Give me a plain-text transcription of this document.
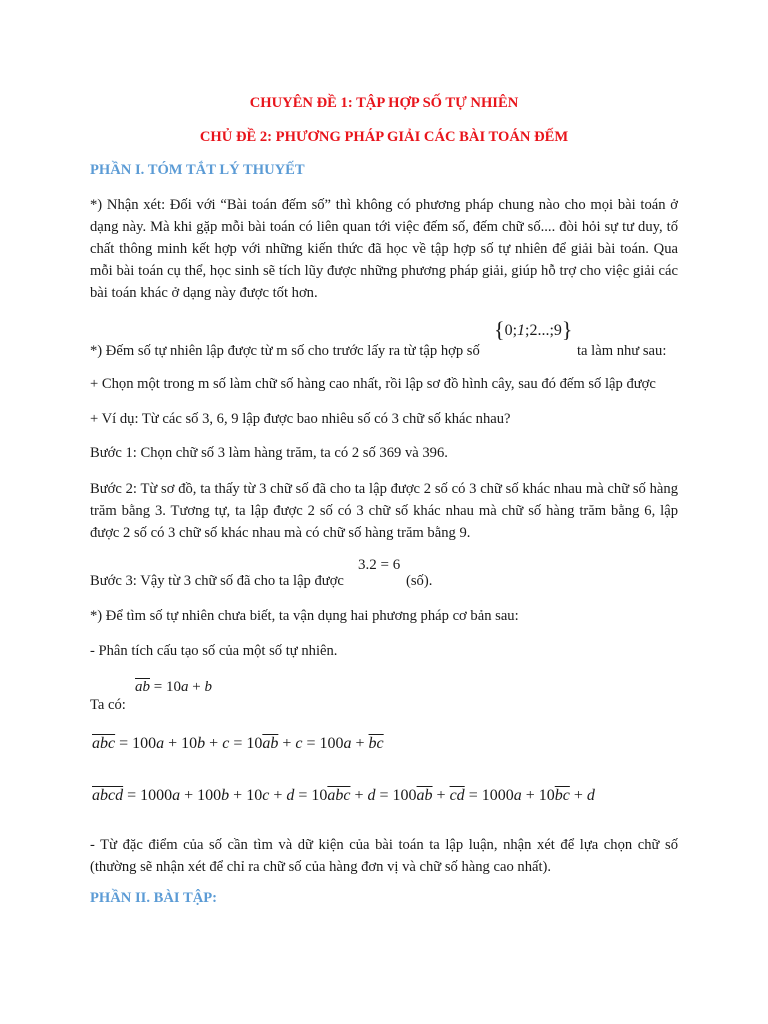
CHUYÊN ĐỀ 1: TẬP HỢP SỐ TỰ NHIÊN
CHỦ ĐỀ 2: PHƯƠNG PHÁP GIẢI CÁC BÀI TOÁN ĐẾM
PHẦN I. TÓM TẮT LÝ THUYẾT
*) Nhận xét: Đối với “Bài toán đếm số” thì không có phương pháp chung nào cho mọi bài toán ở dạng này. Mà khi gặp mỗi bài toán có liên quan tới việc đếm số, đếm chữ số.... đòi hỏi sự tư duy, tố chất thông minh kết hợp với những kiến thức đã học về tập hợp số tự nhiên để giải bài toán. Qua mỗi bài toán cụ thể, học sinh sẽ tích lũy được những phương pháp giải, giúp hỗ trợ cho việc giải các bài toán khác ở dạng này được tốt hơn.
{0;1;2...;9}
*) Đếm số tự nhiên lập được từ m số cho trước lấy ra từ tập hợp số	ta làm như sau:
+ Chọn một trong m số làm chữ số hàng cao nhất, rồi lập sơ đồ hình cây, sau đó đếm số lập được
+ Ví dụ: Từ các số 3, 6, 9 lập được bao nhiêu số có 3 chữ số khác nhau?
Bước 1: Chọn chữ số 3 làm hàng trăm, ta có 2 số 369 và 396.
Bước 2: Từ sơ đồ, ta thấy từ 3 chữ số đã cho ta lập được 2 số có 3 chữ số khác nhau mà chữ số hàng trăm bằng 3. Tương tự, ta lập được 2 số có 3 chữ số khác nhau mà chữ số hàng trăm bằng 6, lập được 2 số có 3 chữ số khác nhau mà có chữ số hàng trăm bằng 9.
3.2 = 6
Bước 3: Vậy từ 3 chữ số đã cho ta lập được	(số).
*) Để tìm số tự nhiên chưa biết, ta vận dụng hai phương pháp cơ bản sau:
- Phân tích cấu tạo số của một số tự nhiên.
$\overline{ab} = 10a + b$
Ta có:
$\overline{abc} = 100a + 10b + c = 10\overline{ab} + c = 100a + \overline{bc}$
abcd = $1000a + 100b + 10c + d = 10\overline{abc} + d = 100\overline{ab} + \overline{cd} = 1000a + 10\overline{bc} + d$
- Từ đặc điểm của số cần tìm và dữ kiện của bài toán ta lập luận, nhận xét để lựa chọn chữ số (thường sẽ nhận xét để chỉ ra chữ số của hàng đơn vị và chữ số hàng cao nhất).
PHẦN II. BÀI TẬP:
